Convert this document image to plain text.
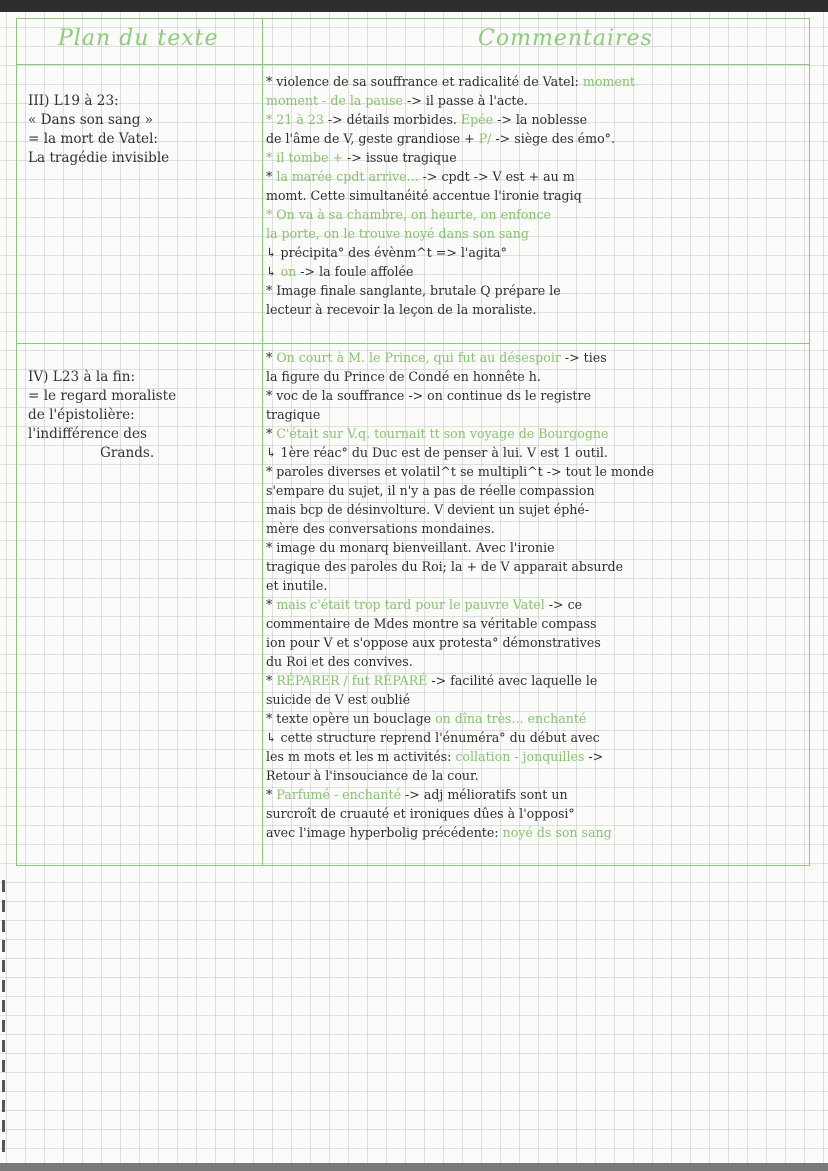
Plan du texte	Commentaires
III) L19 à 23:
« Dans son sang »
= la mort de Vatel:
La tragédie invisible
IV) L23 à la fin:
= le regard moraliste
de l'épistolière:
l'indifférence des
Grands.
* violence de sa souffrance et radicalité de Vatel: moment
moment - de la pause -> il passe à l'acte.
* 21 à 23 -> détails morbides. Epée -> la noblesse
de l'âme de V, geste grandiose + P/ -> siège des émo°.
* il tombe + -> issue tragique
* la marée cpdt arrive... -> cpdt -> V est + au m
momt. Cette simultanéité accentue l'ironie tragiq
* On va à sa chambre, on heurte, on enfonce
la porte, on le trouve noyé dans son sang
↳ précipita° des évènm^t => l'agita°
↳ on -> la foule affolée
* Image finale sanglante, brutale Q prépare le
lecteur à recevoir la leçon de la moraliste.
* On court à M. le Prince, qui fut au désespoir -> ties
la figure du Prince de Condé en honnête h.
* voc de la souffrance -> on continue ds le registre
tragique
* C'était sur V.q. tournait tt son voyage de Bourgogne
↳ 1ère réac° du Duc est de penser à lui. V est 1 outil.
* paroles diverses et volatil^t se multipli^t -> tout le monde
s'empare du sujet, il n'y a pas de réelle compassion
mais bcp de désinvolture. V devient un sujet éphé-
mère des conversations mondaines.
* image du monarq bienveillant. Avec l'ironie
tragique des paroles du Roi; la + de V apparait absurde
et inutile.
* mais c'était trop tard pour le pauvre Vatel -> ce
commentaire de Mdes montre sa véritable compass
ion pour V et s'oppose aux protesta° démonstratives
du Roi et des convives.
* RÉPARER / fut RÉPARÉ -> facilité avec laquelle le
suicide de V est oublié
* texte opère un bouclage on dîna très... enchanté
↳ cette structure reprend l'énuméra° du début avec
les m mots et les m activités: collation - jonquilles ->
Retour à l'insouciance de la cour.
* Parfumé - enchanté -> adj mélioratifs sont un
surcroît de cruauté et ironiques dûes à l'opposi°
avec l'image hyperbolig précédente: noyé ds son sang
